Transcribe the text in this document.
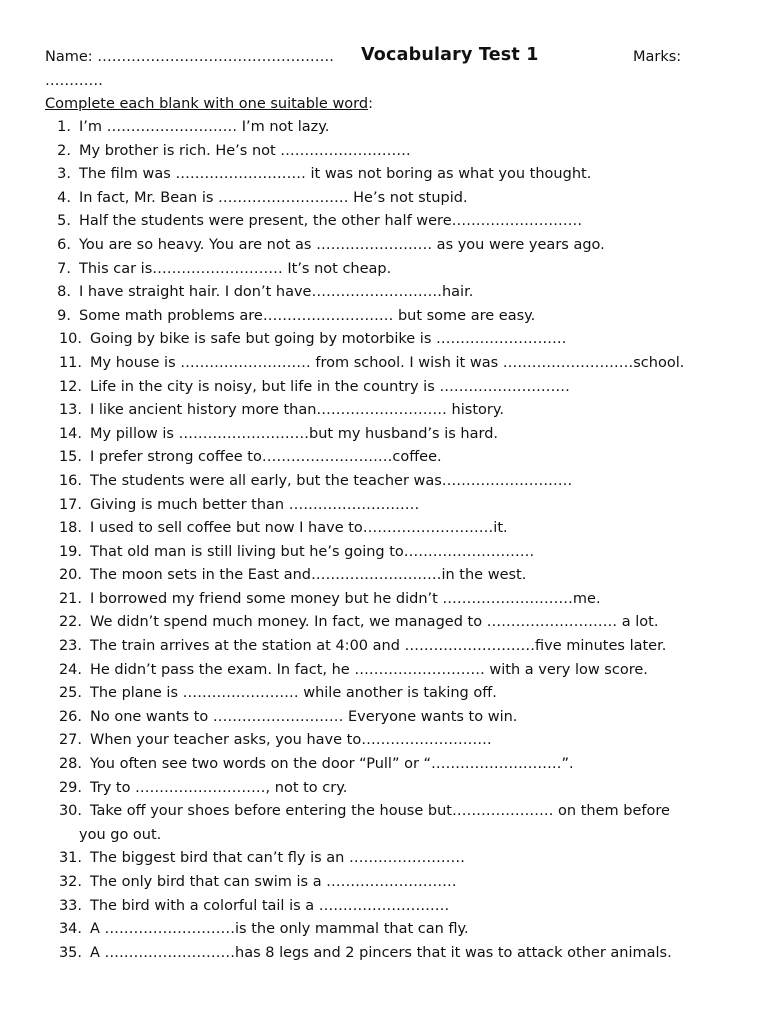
Name: …………………………………………. Vocabulary Test 1	Marks:
…………
Complete each blank with one suitable word:
1. I’m ……………………… I’m not lazy.
2. My brother is rich. He’s not ………………………
3. The film was ……………………… it was not boring as what you thought.
4. In fact, Mr. Bean is ……………………… He’s not stupid.
5. Half the students were present, the other half were………………………
6. You are so heavy. You are not as …………………… as you were years ago.
7. This car is……………………… It’s not cheap.
8. I have straight hair. I don’t have………………………hair.
9. Some math problems are……………………… but some are easy.
10. Going by bike is safe but going by motorbike is ………………………
11. My house is ……………………… from school. I wish it was ………………………school.
12. Life in the city is noisy, but life in the country is ………………………
13. I like ancient history more than……………………… history.
14. My pillow is ………………………but my husband’s is hard.
15. I prefer strong coffee to………………………coffee.
16. The students were all early, but the teacher was………………………
17. Giving is much better than ………………………
18. I used to sell coffee but now I have to………………………it.
19. That old man is still living but he’s going to………………………
20. The moon sets in the East and………………………in the west.
21. I borrowed my friend some money but he didn’t ………………………me.
22. We didn’t spend much money. In fact, we managed to ……………………… a lot.
23. The train arrives at the station at 4:00 and ………………………five minutes later.
24. He didn’t pass the exam. In fact, he ……………………… with a very low score.
25. The plane is …………………… while another is taking off.
26. No one wants to ……………………… Everyone wants to win.
27. When your teacher asks, you have to………………………
28. You often see two words on the door “Pull” or “………………………”.
29. Try to ………………………, not to cry.
30. Take off your shoes before entering the house but………………… on them before
you go out.
31. The biggest bird that can’t fly is an ……………………
32. The only bird that can swim is a ………………………
33. The bird with a colorful tail is a ………………………
34. A ………………………is the only mammal that can fly.
35. A ………………………has 8 legs and 2 pincers that it was to attack other animals.
